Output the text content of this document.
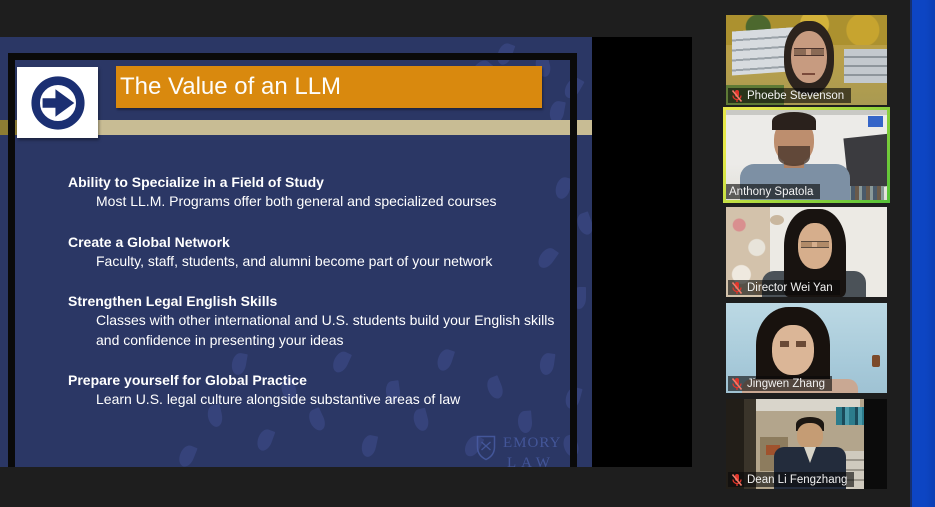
The Value of an LLM
Ability to Specialize in a Field of Study
Most LL.M. Programs offer both general and specialized courses
Create a Global Network
Faculty, staff, students, and alumni become part of your network
Strengthen Legal English Skills
Classes with other international and U.S. students build your English skills
and confidence in presenting your ideas
Prepare yourself for Global Practice
Learn U.S. legal culture alongside substantive areas of law
EMORY
LAW
Phoebe Stevenson
Anthony Spatola
Director Wei Yan
Jingwen Zhang
Dean Li Fengzhang
